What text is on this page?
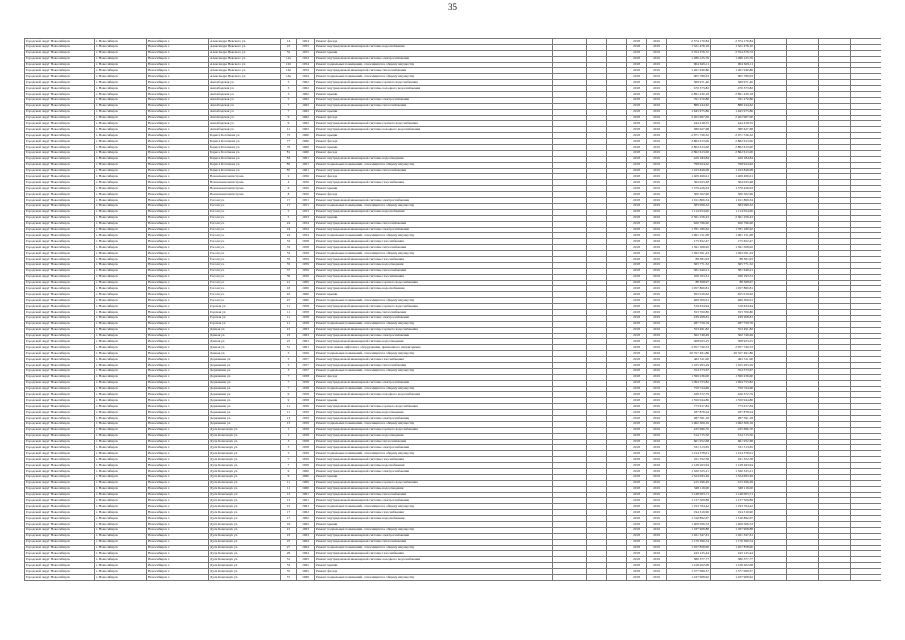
35
Городской округ Новосибирск	г. Новосибирск	Новосибирск г.	Александра Невского ул.	14	1954	Ремонт фасада				2018	2019	2 374 170,84	2 374 170,84				
Городской округ Новосибирск	г. Новосибирск	Новосибирск г.	Александра Невского ул.	22	1955	Ремонт внутридомовой инженерной системы водоснабжения				2018	2019	1 321 476,10	1 321 476,10				
Городской округ Новосибирск	г. Новосибирск	Новосибирск г.	Александра Невского ул.	32	1955	Ремонт крыши				2018	2019	2 554 376,72	2 554 376,72				
Городской округ Новосибирск	г. Новосибирск	Новосибирск г.	Александра Невского ул.	12а	1954	Ремонт внутридомовой инженерной системы электроснабжения				2018	2019	1 286 125,76	1 286 125,76				
Городской округ Новосибирск	г. Новосибирск	Новосибирск г.	Александра Невского ул.	12б	1954	Ремонт подвальных помещений, относящихся к общему имуществу				2018	2019	904 629,11	904 629,11				
Городской округ Новосибирск	г. Новосибирск	Новосибирск г.	Александра Невского ул.	16а	1954	Ремонт внутридомовой инженерной системы теплоснабжения				2018	2019	1 261 940,86	1 261 940,86				
Городской округ Новосибирск	г. Новосибирск	Новосибирск г.	Александра Невского ул.	16а	1954	Ремонт подвальных помещений, относящихся к общему имуществу				2018	2019	905 789,03	905 789,03				
Городской округ Новосибирск	г. Новосибирск	Новосибирск г.	Ашхабадская ул.	3	1962	Ремонт внутридомовой инженерной системы горячего водоснабжения				2018	2019	369 971,40	369 971,40				
Городской округ Новосибирск	г. Новосибирск	Новосибирск г.	Ашхабадская ул.	3	1962	Ремонт внутридомовой инженерной системы холодного водоснабжения				2018	2019	470 373,82	470 373,82				
Городской округ Новосибирск	г. Новосибирск	Новосибирск г.	Ашхабадская ул.	3	1962	Ремонт крыши				2018	2019	2 891 430,18	2 891 430,18				
Городской округ Новосибирск	г. Новосибирск	Новосибирск г.	Ашхабадская ул.	5	1962	Ремонт внутридомовой инженерной системы электроснабжения				2018	2019	761 270,86	761 270,86				
Городской округ Новосибирск	г. Новосибирск	Новосибирск г.	Ашхабадская ул.	7	1962	Ремонт внутридомовой инженерной системы теплоснабжения				2018	2019	886 244,62	886 244,62				
Городской округ Новосибирск	г. Новосибирск	Новосибирск г.	Ашхабадская ул.	7	1962	Ремонт крыши				2018	2019	1 645 975,86	1 645 975,86				
Городской округ Новосибирск	г. Новосибирск	Новосибирск г.	Ашхабадская ул.	9	1962	Ремонт фасада				2018	2019	2 202 967,00	2 202 967,00				
Городской округ Новосибирск	г. Новосибирск	Новосибирск г.	Ашхабадская ул.	9	1962	Ремонт внутридомовой инженерной системы горячего водоснабжения				2018	2019	444 418,55	444 418,55				
Городской округ Новосибирск	г. Новосибирск	Новосибирск г.	Ашхабадская ул.	11	1962	Ремонт внутридомовой инженерной системы холодного водоснабжения				2018	2019	380 627,68	380 627,68				
Городской округ Новосибирск	г. Новосибирск	Новосибирск г.	Бориса Богаткова ул.	75	1960	Ремонт крыши				2018	2019	2 071 726,32	2 071 726,32				
Городской округ Новосибирск	г. Новосибирск	Новосибирск г.	Бориса Богаткова ул.	77	1960	Ремонт фасада				2018	2019	2 862 613,00	2 862 613,00				
Городской округ Новосибирск	г. Новосибирск	Новосибирск г.	Бориса Богаткова ул.	79	1960	Ремонт крыши				2018	2019	2 802 613,00	2 802 613,00				
Городской округ Новосибирск	г. Новосибирск	Новосибирск г.	Бориса Богаткова ул.	81	1960	Ремонт фасада				2018	2019	2 862 613,00	2 862 613,00				
Городской округ Новосибирск	г. Новосибирск	Новосибирск г.	Бориса Богаткова ул.	83	1961	Ремонт внутридомовой инженерной системы водоотведения				2018	2019	429 184,84	429 184,84				
Городской округ Новосибирск	г. Новосибирск	Новосибирск г.	Бориса Богаткова ул.	85	1961	Ремонт подвальных помещений, относящихся к общему имуществу				2018	2019	798 924,62	798 924,62				
Городской округ Новосибирск	г. Новосибирск	Новосибирск г.	Бориса Богаткова ул.	85	1961	Ремонт внутридомовой инженерной системы теплоснабжения				2018	2019	1 163 849,08	1 163 849,08				
Городской округ Новосибирск	г. Новосибирск	Новосибирск г.	Вокзальная магистраль	2	1950	Ремонт фасада				2018	2019	1 409 499,01	1 409 499,01				
Городской округ Новосибирск	г. Новосибирск	Новосибирск г.	Вокзальная магистраль	4	1950	Ремонт внутридомовой инженерной системы газоснабжения				2018	2019	364 023,48	364 023,48				
Городской округ Новосибирск	г. Новосибирск	Новосибирск г.	Вокзальная магистраль	6	1950	Ремонт крыши				2018	2019	1 579 426,03	1 579 426,03				
Городской округ Новосибирск	г. Новосибирск	Новосибирск г.	Вокзальная магистраль	8	1950	Ремонт фасада				2018	2019	500 502,96	500 502,96				
Городской округ Новосибирск	г. Новосибирск	Новосибирск г.	Гоголя ул.	17	1951	Ремонт внутридомовой инженерной системы электроснабжения				2018	2019	1 011 806,34	1 011 806,34				
Городской округ Новосибирск	г. Новосибирск	Новосибирск г.	Гоголя ул.	17	1951	Ремонт подвальных помещений, относящихся к общему имуществу				2018	2019	583 099,32	583 099,32				
Городской округ Новосибирск	г. Новосибирск	Новосибирск г.	Гоголя ул.	5	1953	Ремонт внутридомовой инженерной системы водоснабжения				2018	2019	1 114 054,00	1 114 054,00				
Городской округ Новосибирск	г. Новосибирск	Новосибирск г.	Гоголя ул.	5	1953	Ремонт крыши				2018	2019	2 561 256,43	2 561 256,43				
Городской округ Новосибирск	г. Новосибирск	Новосибирск г.	Гоголя ул.	24	1954	Ремонт внутридомовой инженерной системы теплоснабжения				2018	2019	920 796,00	920 796,00				
Городской округ Новосибирск	г. Новосибирск	Новосибирск г.	Гоголя ул.	24	1954	Ремонт внутридомовой инженерной системы электроснабжения				2018	2019	1 781 180,62	1 781 180,62				
Городской округ Новосибирск	г. Новосибирск	Новосибирск г.	Гоголя ул.	24	1954	Ремонт подвальных помещений, относящихся к общему имуществу				2018	2019	1 061 151,08	1 061 151,08				
Городской округ Новосибирск	г. Новосибирск	Новосибирск г.	Гоголя ул.	33	1958	Ремонт внутридомовой инженерной системы газоснабжения				2018	2019	175 652,47	175 652,47				
Городской округ Новосибирск	г. Новосибирск	Новосибирск г.	Гоголя ул.	33	1958	Ремонт внутридомовой инженерной системы теплоснабжения				2018	2019	1 591 508,92	1 591 508,92				
Городской округ Новосибирск	г. Новосибирск	Новосибирск г.	Гоголя ул.	33	1958	Ремонт подвальных помещений, относящихся к общему имуществу				2018	2019	1 393 591,43	1 393 591,43				
Городской округ Новосибирск	г. Новосибирск	Новосибирск г.	Гоголя ул.	35	1959	Ремонт внутридомовой инженерной системы газоснабжения				2018	2019	88 381,93	88 381,93				
Городской округ Новосибирск	г. Новосибирск	Новосибирск г.	Гоголя ул.	35	1959	Ремонт внутридомовой инженерной системы водоотведения				2018	2019	365 771,32	365 771,32				
Городской округ Новосибирск	г. Новосибирск	Новосибирск г.	Гоголя ул.	37	1959	Ремонт внутридомовой инженерной системы теплоснабжения				2018	2019	381 649,21	381 649,21				
Городской округ Новосибирск	г. Новосибирск	Новосибирск г.	Гоголя ул.	39	1959	Ремонт внутридомовой инженерной системы газоснабжения				2018	2019	106 193,31	106 193,31				
Городской округ Новосибирск	г. Новосибирск	Новосибирск г.	Гоголя ул.	41	1960	Ремонт внутридомовой инженерной системы горячего водоснабжения				2018	2019	88 368,97	88 368,97				
Городской округ Новосибирск	г. Новосибирск	Новосибирск г.	Гоголя ул.	43	1960	Ремонт внутридомовой инженерной системы водоснабжения				2018	2019	1 057 860,81	1 057 860,81				
Городской округ Новосибирск	г. Новосибирск	Новосибирск г.	Гоголя ул.	45	1960	Ремонт крыши				2018	2019	655 010,62	655 010,62				
Городской округ Новосибирск	г. Новосибирск	Новосибирск г.	Гоголя ул.	47	1960	Ремонт подвальных помещений, относящихся к общему имуществу				2018	2019	469 309,01	469 309,01				
Городской округ Новосибирск	г. Новосибирск	Новосибирск г.	Горская ул.	11	1958	Ремонт внутридомовой инженерной системы горячего водоснабжения				2018	2019	519 634,94	519 634,94				
Городской округ Новосибирск	г. Новосибирск	Новосибирск г.	Горская ул.	11	1958	Ремонт внутридомовой инженерной системы теплоснабжения				2018	2019	353 700,80	353 700,80				
Городской округ Новосибирск	г. Новосибирск	Новосибирск г.	Горская ул.	11	1958	Ремонт внутридомовой инженерной системы электроснабжения				2018	2019	239 208,81	239 208,81				
Городской округ Новосибирск	г. Новосибирск	Новосибирск г.	Горская ул.	11	1958	Ремонт подвальных помещений, относящихся к общему имуществу				2018	2019	287 759,76	287 759,76				
Городской округ Новосибирск	г. Новосибирск	Новосибирск г.	Дачная ул.	21	1963	Ремонт внутридомовой инженерной системы горячего водоснабжения				2018	2019	553 491,82	553 491,82				
Городской округ Новосибирск	г. Новосибирск	Новосибирск г.	Дачная ул.	23	1963	Ремонт внутридомовой инженерной системы электроснабжения				2018	2019	362 749,49	362 749,49				
Городской округ Новосибирск	г. Новосибирск	Новосибирск г.	Дачная ул.	25	1963	Ремонт внутридомовой инженерной системы водоотведения				2018	2019	508 923,25	508 923,25				
Городской округ Новосибирск	г. Новосибирск	Новосибирск г.	Дачная ул.	31	1961	Ремонт или замена лифтового оборудования, признанного непригодным				2018	2019	2 057 740,53	2 057 740,53				
Городской округ Новосибирск	г. Новосибирск	Новосибирск г.	Дачная ул.	5	1956	Ремонт подвальных помещений, относящихся к общему имуществу				2018	2019	26 357 491,86	26 357 491,86				
Городской округ Новосибирск	г. Новосибирск	Новосибирск г.	Державина ул.	3	1957	Ремонт внутридомовой инженерной системы газоснабжения				2018	2019	463 311,00	463 311,00				
Городской округ Новосибирск	г. Новосибирск	Новосибирск г.	Державина ул.	3	1957	Ремонт внутридомовой инженерной системы теплоснабжения				2018	2019	1 105 293,29	1 105 293,29				
Городской округ Новосибирск	г. Новосибирск	Новосибирск г.	Державина ул.	3	1957	Ремонт подвальных помещений, относящихся к общему имуществу				2018	2019	354 573,67	354 573,67				
Городской округ Новосибирск	г. Новосибирск	Новосибирск г.	Державина ул.	7	1958	Ремонт фасада				2018	2019	1 599 236,00	1 599 236,00				
Городской округ Новосибирск	г. Новосибирск	Новосибирск г.	Державина ул.	7	1958	Ремонт внутридомовой инженерной системы электроснабжения				2018	2019	1 094 753,82	1 094 753,82				
Городской округ Новосибирск	г. Новосибирск	Новосибирск г.	Державина ул.	7	1958	Ремонт подвальных помещений, относящихся к общему имуществу				2018	2019	759 744,66	759 744,66				
Городской округ Новосибирск	г. Новосибирск	Новосибирск г.	Державина ул.	9	1958	Ремонт внутридомовой инженерной системы холодного водоснабжения				2018	2019	426 372,79	426 372,79				
Городской округ Новосибирск	г. Новосибирск	Новосибирск г.	Державина ул.	9	1958	Ремонт крыши				2018	2019	1 550 944,80	1 550 944,80				
Городской округ Новосибирск	г. Новосибирск	Новосибирск г.	Державина ул.	11	1959	Ремонт внутридомовой инженерной системы горячего водоснабжения				2018	2019	773 617,84	773 617,84				
Городской округ Новосибирск	г. Новосибирск	Новосибирск г.	Державина ул.	11	1959	Ремонт внутридомовой инженерной системы водоотведения				2018	2019	187 878,24	187 878,24				
Городской округ Новосибирск	г. Новосибирск	Новосибирск г.	Державина ул.	13	1959	Ремонт внутридомовой инженерной системы электроснабжения				2018	2019	287 591,18	287 591,18				
Городской округ Новосибирск	г. Новосибирск	Новосибирск г.	Державина ул.	13	1959	Ремонт подвальных помещений, относящихся к общему имуществу				2018	2019	1 062 309,16	1 062 309,16				
Городской округ Новосибирск	г. Новосибирск	Новосибирск г.	Дуси Ковальчук ул.	1	1958	Ремонт внутридомовой инженерной системы горячего водоснабжения				2018	2019	435 696,70	435 696,70				
Городской округ Новосибирск	г. Новосибирск	Новосибирск г.	Дуси Ковальчук ул.	1	1958	Ремонт внутридомовой инженерной системы водоотведения				2018	2019	314 715,50	314 715,50				
Городской округ Новосибирск	г. Новосибирск	Новосибирск г.	Дуси Ковальчук ул.	3	1958	Ремонт внутридомовой инженерной системы теплоснабжения				2018	2019	661 952,68	661 952,68				
Городской округ Новосибирск	г. Новосибирск	Новосибирск г.	Дуси Ковальчук ул.	3	1958	Ремонт внутридомовой инженерной системы электроснабжения				2018	2019	531 513,65	531 513,65				
Городской округ Новосибирск	г. Новосибирск	Новосибирск г.	Дуси Ковальчук ул.	5	1959	Ремонт подвальных помещений, относящихся к общему имуществу				2018	2019	1 154 378,01	1 154 378,01				
Городской округ Новосибирск	г. Новосибирск	Новосибирск г.	Дуси Ковальчук ул.	7	1959	Ремонт внутридомовой инженерной системы газоснабжения				2018	2019	161 352,58	161 352,58				
Городской округ Новосибирск	г. Новосибирск	Новосибирск г.	Дуси Ковальчук ул.	7	1959	Ремонт внутридомовой инженерной системы водоснабжения				2018	2019	1 128 263,94	1 128 263,94				
Городской округ Новосибирск	г. Новосибирск	Новосибирск г.	Дуси Ковальчук ул.	9	1960	Ремонт внутридомовой инженерной системы электроснабжения				2018	2019	1 320 325,21	1 320 325,21				
Городской округ Новосибирск	г. Новосибирск	Новосибирск г.	Дуси Ковальчук ул.	9	1960	Ремонт крыши				2018	2019	1 524 093,49	1 524 093,49				
Городской округ Новосибирск	г. Новосибирск	Новосибирск г.	Дуси Ковальчук ул.	11	1960	Ремонт внутридомовой инженерной системы горячего водоснабжения				2018	2019	415 296,49	415 296,49				
Городской округ Новосибирск	г. Новосибирск	Новосибирск г.	Дуси Ковальчук ул.	11	1960	Ремонт внутридомовой инженерной системы водоотведения				2018	2019	348 119,00	348 119,00				
Городской округ Новосибирск	г. Новосибирск	Новосибирск г.	Дуси Ковальчук ул.	13	1961	Ремонт внутридомовой инженерной системы теплоснабжения				2018	2019	1 148 003,71	1 148 003,71				
Городской округ Новосибирск	г. Новосибирск	Новосибирск г.	Дуси Ковальчук ул.	13	1961	Ремонт внутридомовой инженерной системы электроснабжения				2018	2019	1 137 509,89	1 137 509,89				
Городской округ Новосибирск	г. Новосибирск	Новосибирск г.	Дуси Ковальчук ул.	15	1961	Ремонт подвальных помещений, относящихся к общему имуществу				2018	2019	1 193 764,42	1 193 764,42				
Городской округ Новосибирск	г. Новосибирск	Новосибирск г.	Дуси Ковальчук ул.	17	1962	Ремонт внутридомовой инженерной системы газоснабжения				2018	2019	194 319,90	194 319,90				
Городской округ Новосибирск	г. Новосибирск	Новосибирск г.	Дуси Ковальчук ул.	17	1962	Ремонт внутридомовой инженерной системы водоснабжения				2018	2019	1 316 892,07	1 316 892,07				
Городской округ Новосибирск	г. Новосибирск	Новосибирск г.	Дуси Ковальчук ул.	19	1962	Ремонт крыши				2018	2019	1 409 566,53	1 409 566,53				
Городской округ Новосибирск	г. Новосибирск	Новосибирск г.	Дуси Ковальчук ул.	21	1963	Ремонт подвальных помещений, относящихся к общему имуществу				2018	2019	1 187 908,88	1 187 908,88				
Городской округ Новосибирск	г. Новосибирск	Новосибирск г.	Дуси Ковальчук ул.	23	1963	Ремонт внутридомовой инженерной системы электроснабжения				2018	2019	1 021 347,61	1 021 347,61				
Городской округ Новосибирск	г. Новосибирск	Новосибирск г.	Дуси Ковальчук ул.	25	1964	Ремонт внутридомовой инженерной системы теплоснабжения				2018	2019	1 176 390,54	1 176 390,54				
Городской округ Новосибирск	г. Новосибирск	Новосибирск г.	Дуси Ковальчук ул.	27	1964	Ремонт подвальных помещений, относящихся к общему имуществу				2018	2019	1 457 858,90	1 457 858,90				
Городской округ Новосибирск	г. Новосибирск	Новосибирск г.	Дуси Ковальчук ул.	29	1964	Ремонт внутридомовой инженерной системы газоснабжения				2018	2019	243 125,44	243 125,44				
Городской округ Новосибирск	г. Новосибирск	Новосибирск г.	Дуси Ковальчук ул.	31	1965	Ремонт внутридомовой инженерной системы холодного водоснабжения				2018	2019	580 377,77	580 377,77				
Городской округ Новосибирск	г. Новосибирск	Новосибирск г.	Дуси Ковальчук ул.	33	1965	Ремонт крыши				2018	2019	1 418 202,08	1 418 202,08				
Городской округ Новосибирск	г. Новосибирск	Новосибирск г.	Дуси Ковальчук ул.	35	1965	Ремонт фасада				2018	2019	1 377 069,37	1 377 069,37				
Городской округ Новосибирск	г. Новосибирск	Новосибирск г.	Дуси Ковальчук ул.	37	1966	Ремонт подвальных помещений, относящихся к общему имуществу				2018	2019	1 437 908,92	1 437 908,92				
